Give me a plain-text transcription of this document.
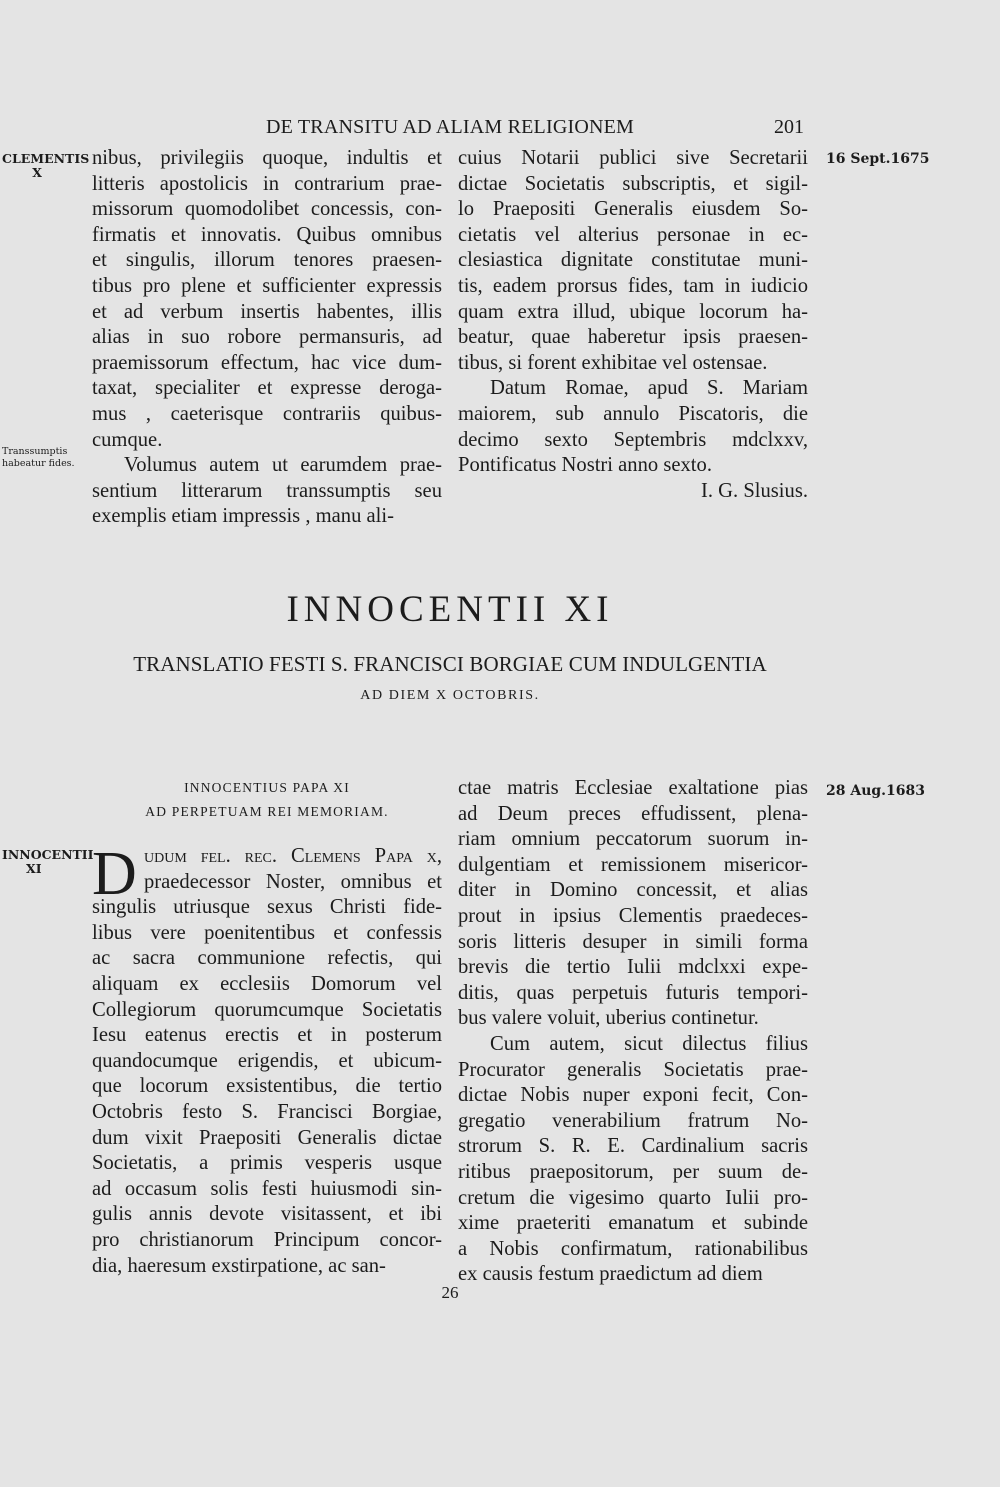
DE TRANSITU AD ALIAM RELIGIONEM	201
CLEMENTIS
X
Transsumptis
habeatur fides.
INNOCENTII
XI
16 Sept.1675
28 Aug.1683
nibus, privilegiis quoque, indultis et
litteris apostolicis in contrarium prae-
missorum quomodolibet concessis, con-
firmatis et innovatis. Quibus omnibus
et singulis, illorum tenores praesen-
tibus pro plene et sufficienter expressis
et ad verbum insertis habentes, illis
alias in suo robore permansuris, ad
praemissorum effectum, hac vice dum-
taxat, specialiter et expresse deroga-
mus , caeterisque contrariis quibus-
cumque.
Volumus autem ut earumdem prae-
sentium litterarum transsumptis seu
exemplis etiam impressis , manu ali-
cuius Notarii publici sive Secretarii
dictae Societatis subscriptis, et sigil-
lo Praepositi Generalis eiusdem So-
cietatis vel alterius personae in ec-
clesiastica dignitate constitutae muni-
tis, eadem prorsus fides, tam in iudicio
quam extra illud, ubique locorum ha-
beatur, quae haberetur ipsis praesen-
tibus, si forent exhibitae vel ostensae.
Datum Romae, apud S. Mariam
maiorem, sub annulo Piscatoris, die
decimo sexto Septembris mdclxxv,
Pontificatus Nostri anno sexto.
I. G. Slusius.
INNOCENTII XI
TRANSLATIO FESTI S. FRANCISCI BORGIAE CUM INDULGENTIA
AD DIEM X OCTOBRIS.
INNOCENTIUS PAPA XI
AD PERPETUAM REI MEMORIAM.
D udum fel. rec. Clemens Papa x,
praedecessor Noster, omnibus et
singulis utriusque sexus Christi fide-
libus vere poenitentibus et confessis
ac sacra communione refectis, qui
aliquam ex ecclesiis Domorum vel
Collegiorum quorumcumque Societatis
Iesu eatenus erectis et in posterum
quandocumque erigendis, et ubicum-
que locorum exsistentibus, die tertio
Octobris festo S. Francisci Borgiae,
dum vixit Praepositi Generalis dictae
Societatis, a primis vesperis usque
ad occasum solis festi huiusmodi sin-
gulis annis devote visitassent, et ibi
pro christianorum Principum concor-
dia, haeresum exstirpatione, ac san-
ctae matris Ecclesiae exaltatione pias
ad Deum preces effudissent, plena-
riam omnium peccatorum suorum in-
dulgentiam et remissionem misericor-
diter in Domino concessit, et alias
prout in ipsius Clementis praedeces-
soris litteris desuper in simili forma
brevis die tertio Iulii mdclxxi expe-
ditis, quas perpetuis futuris tempori-
bus valere voluit, uberius continetur.
Cum autem, sicut dilectus filius
Procurator generalis Societatis prae-
dictae Nobis nuper exponi fecit, Con-
gregatio venerabilium fratrum No-
strorum S. R. E. Cardinalium sacris
ritibus praepositorum, per suum de-
cretum die vigesimo quarto Iulii pro-
xime praeteriti emanatum et subinde
a Nobis confirmatum, rationabilibus
ex causis festum praedictum ad diem
26
